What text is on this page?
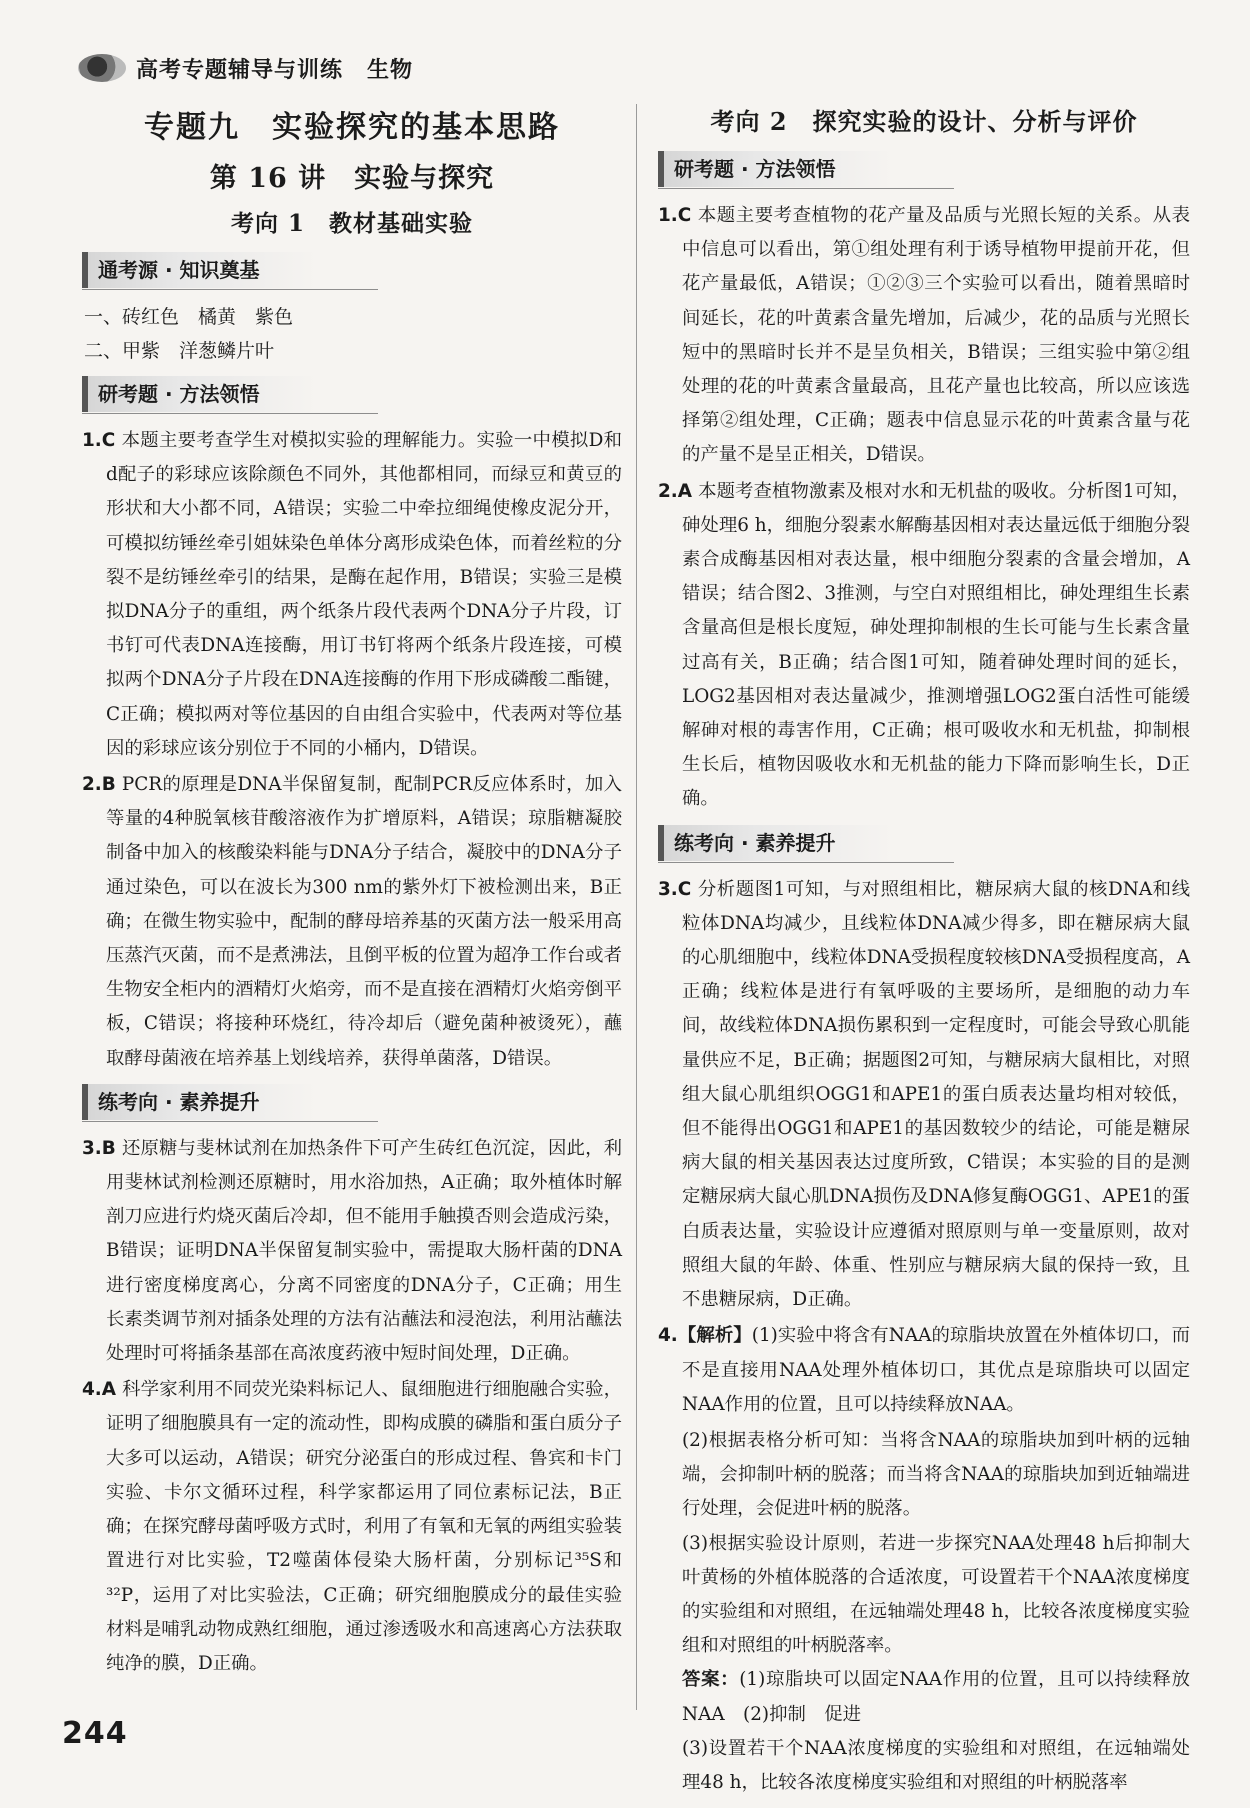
高考专题辅导与训练 生物
专题九　实验探究的基本思路
第 16 讲　实验与探究
考向 1　教材基础实验
通考源 · 知识奠基
一、砖红色　橘黄　紫色
二、甲紫　洋葱鳞片叶
研考题 · 方法领悟

1.C 本题主要考查学生对模拟实验的理解能力。实验一中模拟D和d配子的彩球应该除颜色不同外，其他都相同，而绿豆和黄豆的形状和大小都不同，A错误；实验二中牵拉细绳使橡皮泥分开，可模拟纺锤丝牵引姐妹染色单体分离形成染色体，而着丝粒的分裂不是纺锤丝牵引的结果，是酶在起作用，B错误；实验三是模拟DNA分子的重组，两个纸条片段代表两个DNA分子片段，订书钉可代表DNA连接酶，用订书钉将两个纸条片段连接，可模拟两个DNA分子片段在DNA连接酶的作用下形成磷酸二酯键，C正确；模拟两对等位基因的自由组合实验中，代表两对等位基因的彩球应该分别位于不同的小桶内，D错误。

2.B PCR的原理是DNA半保留复制，配制PCR反应体系时，加入等量的4种脱氧核苷酸溶液作为扩增原料，A错误；琼脂糖凝胶制备中加入的核酸染料能与DNA分子结合，凝胶中的DNA分子通过染色，可以在波长为300 nm的紫外灯下被检测出来，B正确；在微生物实验中，配制的酵母培养基的灭菌方法一般采用高压蒸汽灭菌，而不是煮沸法，且倒平板的位置为超净工作台或者生物安全柜内的酒精灯火焰旁，而不是直接在酒精灯火焰旁倒平板，C错误；将接种环烧红，待冷却后（避免菌种被烫死），蘸取酵母菌液在培养基上划线培养，获得单菌落，D错误。

练考向 · 素养提升

3.B 还原糖与斐林试剂在加热条件下可产生砖红色沉淀，因此，利用斐林试剂检测还原糖时，用水浴加热，A正确；取外植体时解剖刀应进行灼烧灭菌后冷却，但不能用手触摸否则会造成污染，B错误；证明DNA半保留复制实验中，需提取大肠杆菌的DNA进行密度梯度离心，分离不同密度的DNA分子，C正确；用生长素类调节剂对插条处理的方法有沾蘸法和浸泡法，利用沾蘸法处理时可将插条基部在高浓度药液中短时间处理，D正确。

4.A 科学家利用不同荧光染料标记人、鼠细胞进行细胞融合实验，证明了细胞膜具有一定的流动性，即构成膜的磷脂和蛋白质分子大多可以运动，A错误；研究分泌蛋白的形成过程、鲁宾和卡门实验、卡尔文循环过程，科学家都运用了同位素标记法，B正确；在探究酵母菌呼吸方式时，利用了有氧和无氧的两组实验装置进行对比实验，T2噬菌体侵染大肠杆菌，分别标记³⁵S和³²P，运用了对比实验法，C正确；研究细胞膜成分的最佳实验材料是哺乳动物成熟红细胞，通过渗透吸水和高速离心方法获取纯净的膜，D正确。

考向 2　探究实验的设计、分析与评价
研考题 · 方法领悟

1.C 本题主要考查植物的花产量及品质与光照长短的关系。从表中信息可以看出，第①组处理有利于诱导植物甲提前开花，但花产量最低，A错误；①②③三个实验可以看出，随着黑暗时间延长，花的叶黄素含量先增加，后减少，花的品质与光照长短中的黑暗时长并不是呈负相关，B错误；三组实验中第②组处理的花的叶黄素含量最高，且花产量也比较高，所以应该选择第②组处理，C正确；题表中信息显示花的叶黄素含量与花的产量不是呈正相关，D错误。

2.A 本题考查植物激素及根对水和无机盐的吸收。分析图1可知，砷处理6 h，细胞分裂素水解酶基因相对表达量远低于细胞分裂素合成酶基因相对表达量，根中细胞分裂素的含量会增加，A错误；结合图2、3推测，与空白对照组相比，砷处理组生长素含量高但是根长度短，砷处理抑制根的生长可能与生长素含量过高有关，B正确；结合图1可知，随着砷处理时间的延长，LOG2基因相对表达量减少，推测增强LOG2蛋白活性可能缓解砷对根的毒害作用，C正确；根可吸收水和无机盐，抑制根生长后，植物因吸收水和无机盐的能力下降而影响生长，D正确。

练考向 · 素养提升

3.C 分析题图1可知，与对照组相比，糖尿病大鼠的核DNA和线粒体DNA均减少，且线粒体DNA减少得多，即在糖尿病大鼠的心肌细胞中，线粒体DNA受损程度较核DNA受损程度高，A正确；线粒体是进行有氧呼吸的主要场所，是细胞的动力车间，故线粒体DNA损伤累积到一定程度时，可能会导致心肌能量供应不足，B正确；据题图2可知，与糖尿病大鼠相比，对照组大鼠心肌组织OGG1和APE1的蛋白质表达量均相对较低，但不能得出OGG1和APE1的基因数较少的结论，可能是糖尿病大鼠的相关基因表达过度所致，C错误；本实验的目的是测定糖尿病大鼠心肌DNA损伤及DNA修复酶OGG1、APE1的蛋白质表达量，实验设计应遵循对照原则与单一变量原则，故对照组大鼠的年龄、体重、性别应与糖尿病大鼠的保持一致，且不患糖尿病，D正确。

4.【解析】(1)实验中将含有NAA的琼脂块放置在外植体切口，而不是直接用NAA处理外植体切口，其优点是琼脂块可以固定NAA作用的位置，且可以持续释放NAA。

(2)根据表格分析可知：当将含NAA的琼脂块加到叶柄的远轴端，会抑制叶柄的脱落；而当将含NAA的琼脂块加到近轴端进行处理，会促进叶柄的脱落。

(3)根据实验设计原则，若进一步探究NAA处理48 h后抑制大叶黄杨的外植体脱落的合适浓度，可设置若干个NAA浓度梯度的实验组和对照组，在远轴端处理48 h，比较各浓度梯度实验组和对照组的叶柄脱落率。

答案：(1)琼脂块可以固定NAA作用的位置，且可以持续释放NAA　(2)抑制　促进

(3)设置若干个NAA浓度梯度的实验组和对照组，在远轴端处理48 h，比较各浓度梯度实验组和对照组的叶柄脱落率

244
